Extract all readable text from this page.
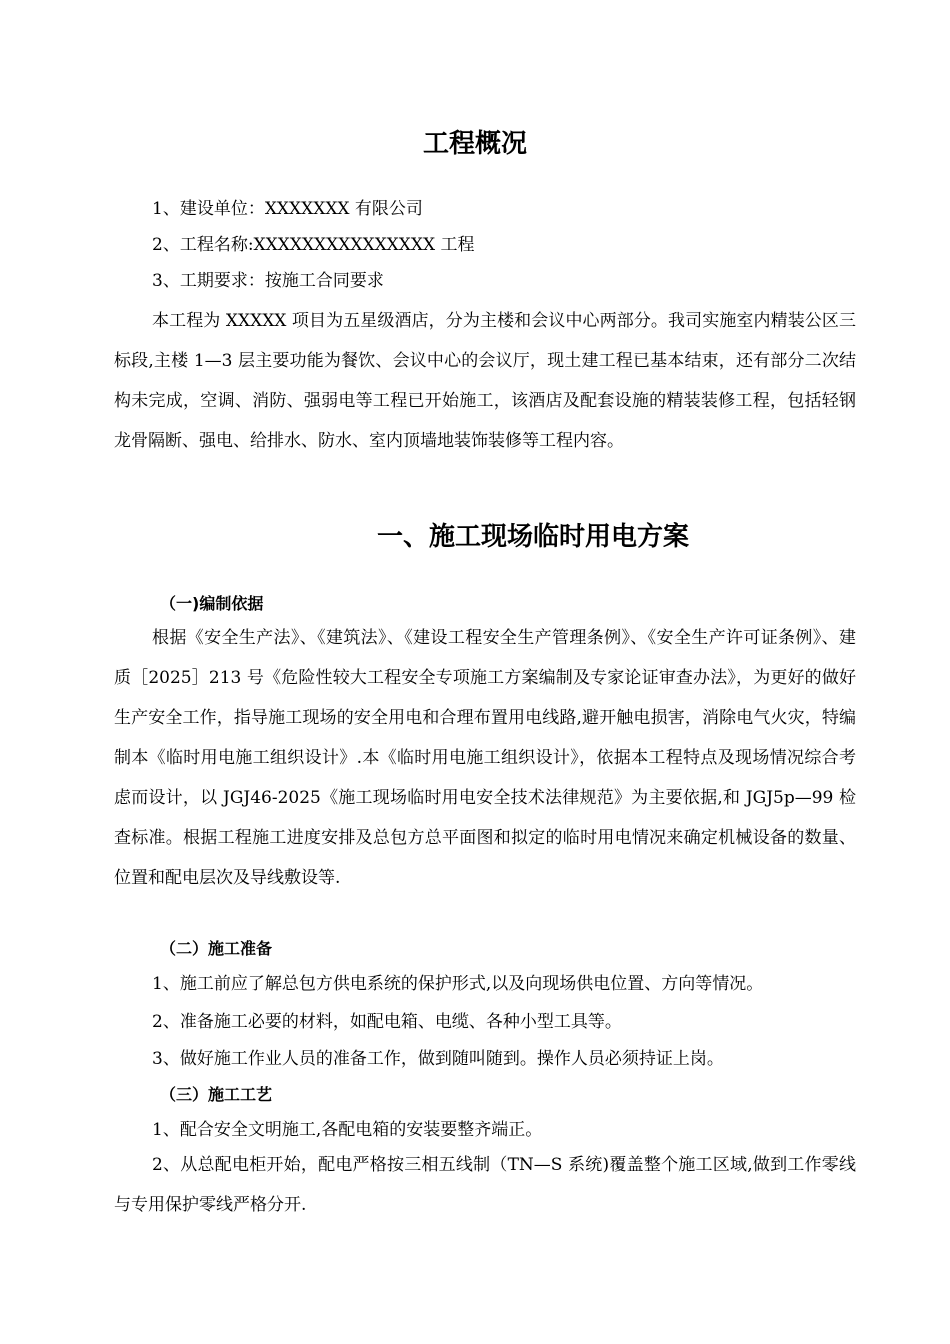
工程概况

1、建设单位：XXXXXXX 有限公司

2、工程名称:XXXXXXXXXXXXXXX 工程

3、工期要求：按施工合同要求

本工程为 XXXXX 项目为五星级酒店，分为主楼和会议中心两部分。我司实施室内精装公区三标段,主楼 1—3 层主要功能为餐饮、会议中心的会议厅，现土建工程已基本结束，还有部分二次结构未完成，空调、消防、强弱电等工程已开始施工，该酒店及配套设施的精装装修工程，包括轻钢龙骨隔断、强电、给排水、防水、室内顶墙地装饰装修等工程内容。

一、施工现场临时用电方案

（一)编制依据

根据《安全生产法》、《建筑法》、《建设工程安全生产管理条例》、《安全生产许可证条例》、建质［2025］213 号《危险性较大工程安全专项施工方案编制及专家论证审查办法》，为更好的做好生产安全工作，指导施工现场的安全用电和合理布置用电线路,避开触电损害，消除电气火灾，特编制本《临时用电施工组织设计》.本《临时用电施工组织设计》，依据本工程特点及现场情况综合考虑而设计，以 JGJ46-2025《施工现场临时用电安全技术法律规范》为主要依据,和 JGJ5p—99 检查标准。根据工程施工进度安排及总包方总平面图和拟定的临时用电情况来确定机械设备的数量、位置和配电层次及导线敷设等.

（二）施工准备

1、施工前应了解总包方供电系统的保护形式,以及向现场供电位置、方向等情况。

2、准备施工必要的材料，如配电箱、电缆、各种小型工具等。

3、做好施工作业人员的准备工作，做到随叫随到。操作人员必须持证上岗。

（三）施工工艺

1、配合安全文明施工,各配电箱的安装要整齐端正。

2、从总配电柜开始，配电严格按三相五线制（TN—S 系统)覆盖整个施工区域,做到工作零线与专用保护零线严格分开.
